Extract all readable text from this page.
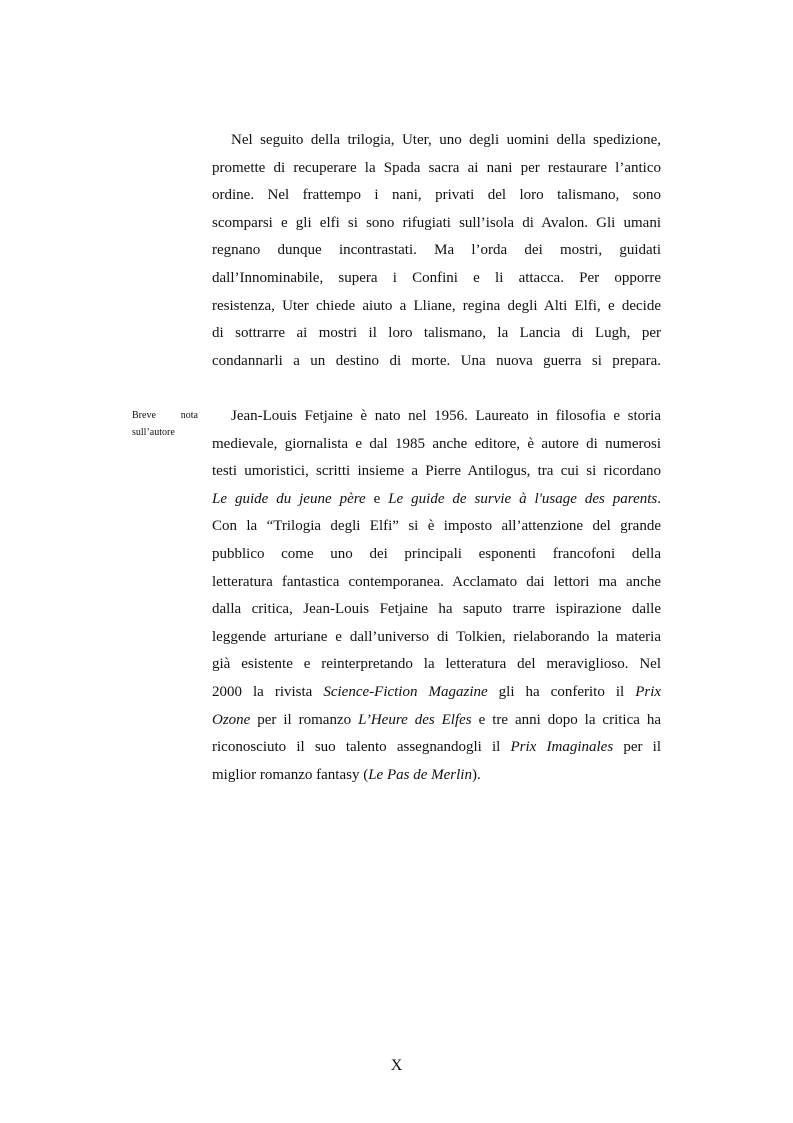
Nel seguito della trilogia, Uter, uno degli uomini della spedizione,
promette di recuperare la Spada sacra ai nani per restaurare l’antico
ordine. Nel frattempo i nani, privati del loro talismano, sono
scomparsi e gli elfi si sono rifugiati sull’isola di Avalon. Gli umani
regnano dunque incontrastati. Ma l’orda dei mostri, guidati
dall’Innominabile, supera i Confini e li attacca. Per opporre
resistenza, Uter chiede aiuto a Lliane, regina degli Alti Elfi, e decide
di sottrarre ai mostri il loro talismano, la Lancia di Lugh, per
condannarli a un destino di morte. Una nuova guerra si prepara.
Breve nota
sull’autore
Jean-Louis Fetjaine è nato nel 1956. Laureato in filosofia e storia
medievale, giornalista e dal 1985 anche editore, è autore di numerosi
testi umoristici, scritti insieme a Pierre Antilogus, tra cui si ricordano
Le guide du jeune père e Le guide de survie à l'usage des parents.
Con la “Trilogia degli Elfi” si è imposto all’attenzione del grande
pubblico come uno dei principali esponenti francofoni della
letteratura fantastica contemporanea. Acclamato dai lettori ma anche
dalla critica, Jean-Louis Fetjaine ha saputo trarre ispirazione dalle
leggende arturiane e dall’universo di Tolkien, rielaborando la materia
già esistente e reinterpretando la letteratura del meraviglioso. Nel
2000 la rivista Science-Fiction Magazine gli ha conferito il Prix
Ozone per il romanzo L’Heure des Elfes e tre anni dopo la critica ha
riconosciuto il suo talento assegnandogli il Prix Imaginales per il
miglior romanzo fantasy (Le Pas de Merlin).
X
